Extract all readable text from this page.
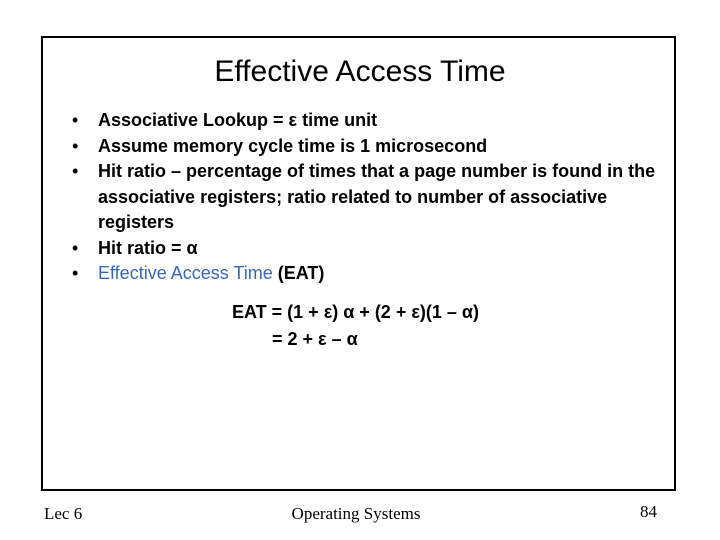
Effective Access Time
• Associative Lookup = ε time unit
• Assume memory cycle time is 1 microsecond
• Hit ratio – percentage of times that a page number is found in the associative registers; ratio related to number of associative registers
• Hit ratio = α
• Effective Access Time (EAT)
EAT = (1 + ε) α + (2 + ε)(1 – α)
= 2 + ε – α
Lec 6	Operating Systems	84
